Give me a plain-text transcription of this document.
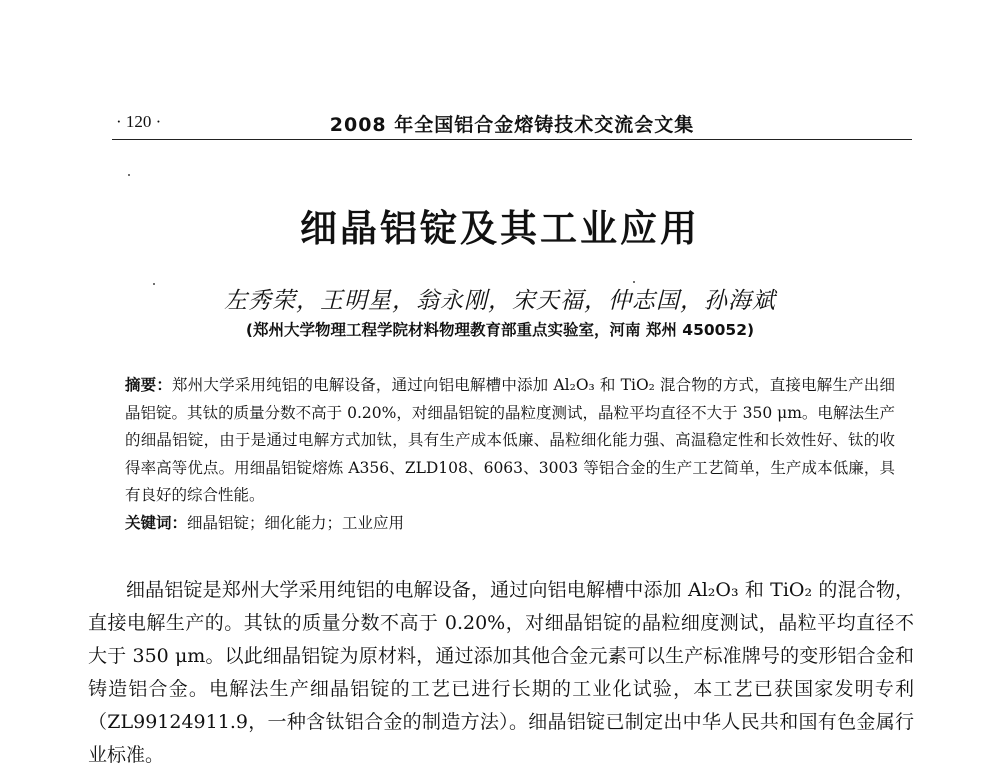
· 120 ·	2008 年全国铝合金熔铸技术交流会文集
细晶铝锭及其工业应用
左秀荣，王明星，翁永刚，宋天福，仲志国，孙海斌
(郑州大学物理工程学院材料物理教育部重点实验室，河南 郑州 450052)
摘要：郑州大学采用纯铝的电解设备，通过向铝电解槽中添加 Al₂O₃ 和 TiO₂ 混合物的方式，直接电解生产出细晶铝锭。其钛的质量分数不高于 0.20%，对细晶铝锭的晶粒度测试，晶粒平均直径不大于 350 μm。电解法生产的细晶铝锭，由于是通过电解方式加钛，具有生产成本低廉、晶粒细化能力强、高温稳定性和长效性好、钛的收得率高等优点。用细晶铝锭熔炼 A356、ZLD108、6063、3003 等铝合金的生产工艺简单，生产成本低廉，具有良好的综合性能。
关键词：细晶铝锭；细化能力；工业应用
细晶铝锭是郑州大学采用纯铝的电解设备，通过向铝电解槽中添加 Al₂O₃ 和 TiO₂ 的混合物，直接电解生产的。其钛的质量分数不高于 0.20%，对细晶铝锭的晶粒细度测试，晶粒平均直径不大于 350 μm。以此细晶铝锭为原材料，通过添加其他合金元素可以生产标准牌号的变形铝合金和铸造铝合金。电解法生产细晶铝锭的工艺已进行长期的工业化试验，本工艺已获国家发明专利（ZL99124911.9，一种含钛铝合金的制造方法）。细晶铝锭已制定出中华人民共和国有色金属行业标准。
